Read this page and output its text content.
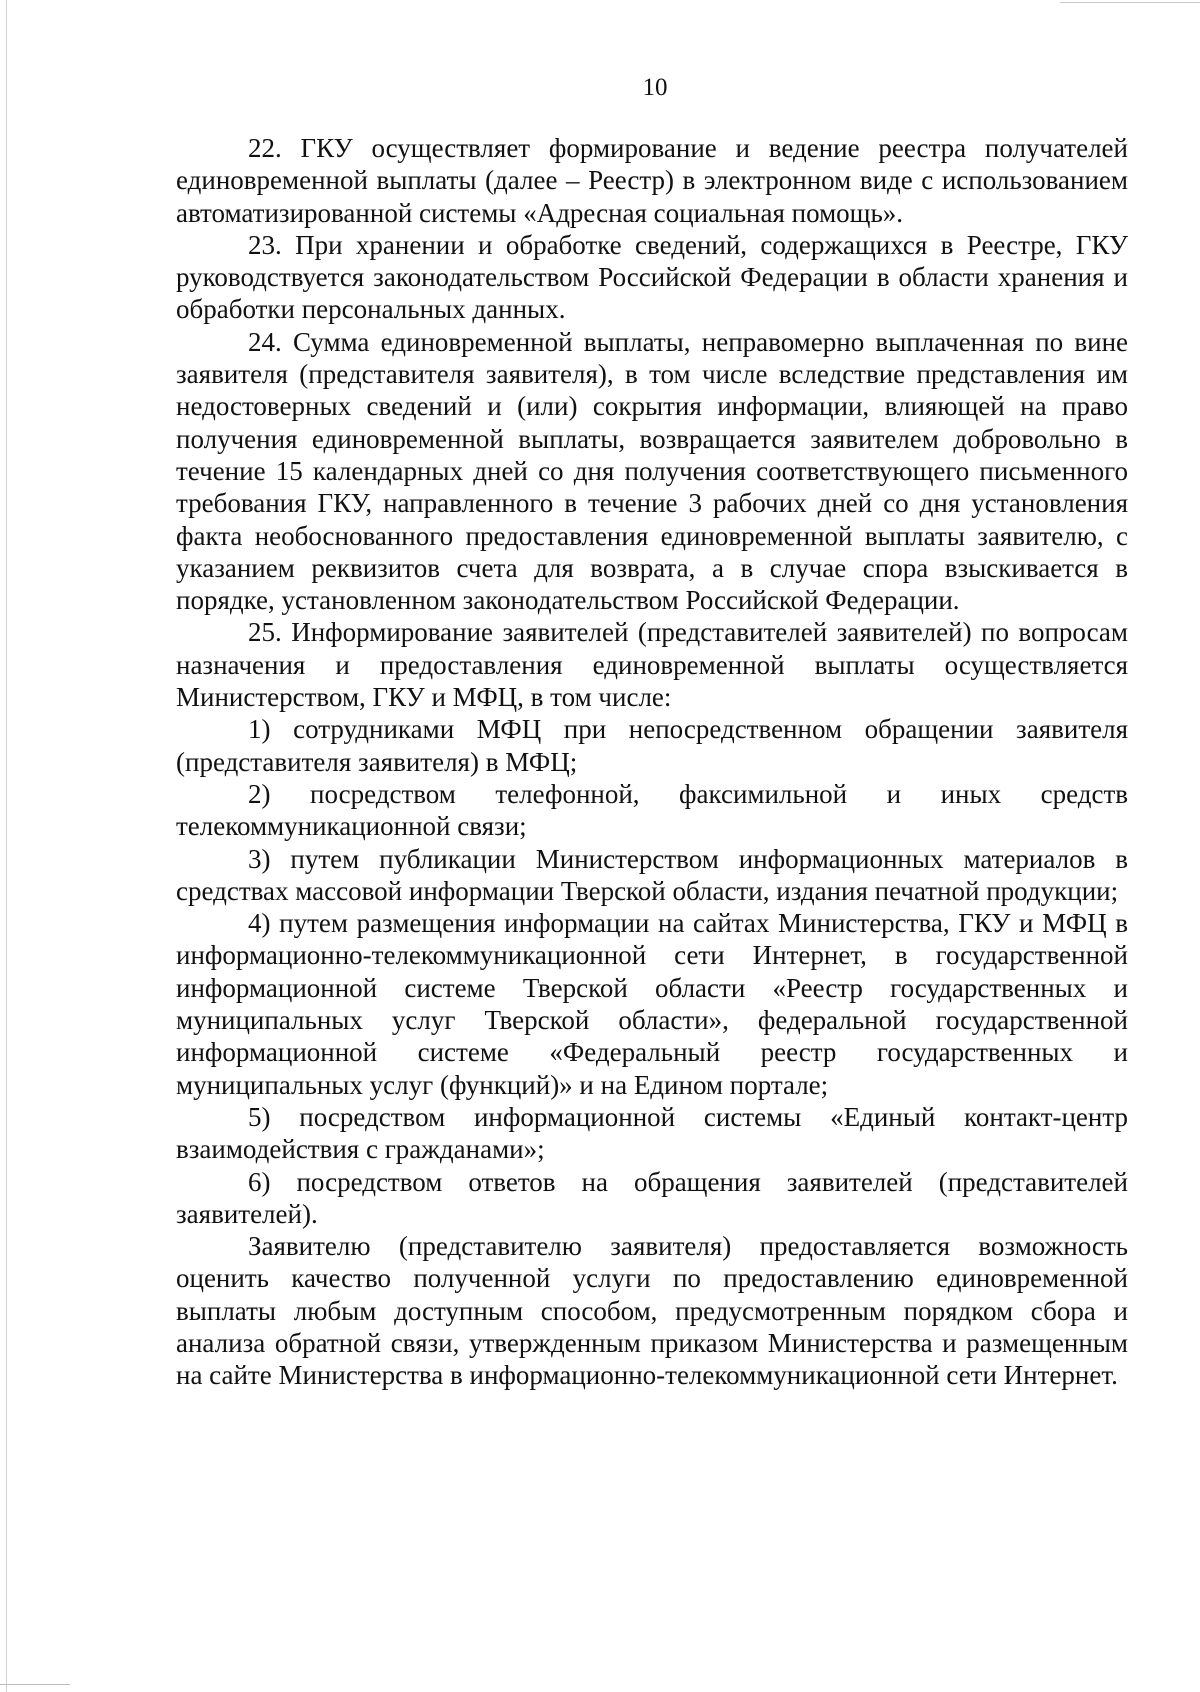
10

22. ГКУ осуществляет формирование и ведение реестра получателей единовременной выплаты (далее – Реестр) в электронном виде с использованием автоматизированной системы «Адресная социальная помощь».

23. При хранении и обработке сведений, содержащихся в Реестре, ГКУ руководствуется законодательством Российской Федерации в области хранения и обработки персональных данных.

24. Сумма единовременной выплаты, неправомерно выплаченная по вине заявителя (представителя заявителя), в том числе вследствие представления им недостоверных сведений и (или) сокрытия информации, влияющей на право получения единовременной выплаты, возвращается заявителем добровольно в течение 15 календарных дней со дня получения соответствующего письменного требования ГКУ, направленного в течение 3 рабочих дней со дня установления факта необоснованного предоставления единовременной выплаты заявителю, с указанием реквизитов счета для возврата, а в случае спора взыскивается в порядке, установленном законодательством Российской Федерации.

25. Информирование заявителей (представителей заявителей) по вопросам назначения и предоставления единовременной выплаты осуществляется Министерством, ГКУ и МФЦ, в том числе:

1) сотрудниками МФЦ при непосредственном обращении заявителя (представителя заявителя) в МФЦ;

2) посредством телефонной, факсимильной и иных средств телекоммуникационной связи;

3) путем публикации Министерством информационных материалов в средствах массовой информации Тверской области, издания печатной продукции;

4) путем размещения информации на сайтах Министерства, ГКУ и МФЦ в информационно-телекоммуникационной сети Интернет, в государственной информационной системе Тверской области «Реестр государственных и муниципальных услуг Тверской области», федеральной государственной информационной системе «Федеральный реестр государственных и муниципальных услуг (функций)» и на Едином портале;

5) посредством информационной системы «Единый контакт-центр взаимодействия с гражданами»;

6) посредством ответов на обращения заявителей (представителей заявителей).

Заявителю (представителю заявителя) предоставляется возможность оценить качество полученной услуги по предоставлению единовременной выплаты любым доступным способом, предусмотренным порядком сбора и анализа обратной связи, утвержденным приказом Министерства и размещенным на сайте Министерства в информационно-телекоммуникационной сети Интернет.
